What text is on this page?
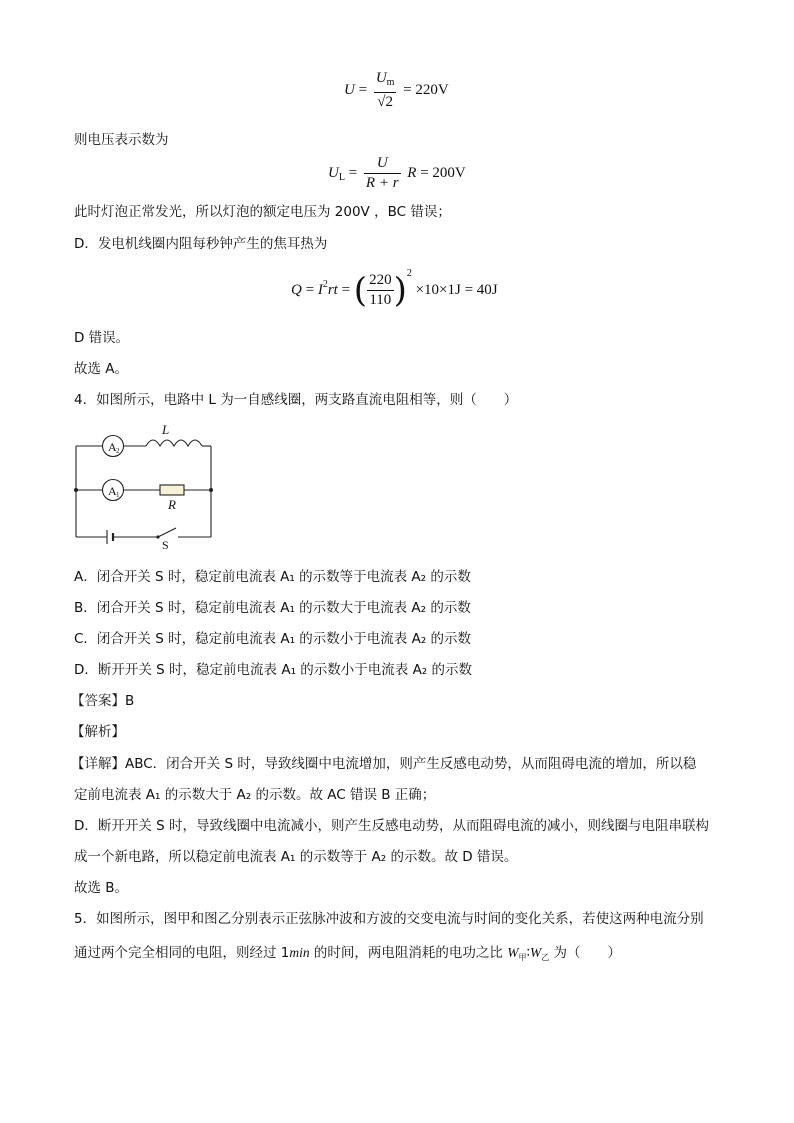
$U = \frac{U_m}{√2} = 220V$
则电压表示数为
$U_L = \frac{U}{R + r}$ R = 200V
此时灯泡正常发光，所以灯泡的额定电压为 200V ，BC 错误；
D．发电机线圈内阻每秒钟产生的焦耳热为
$Q = I^2rt$ = ( $\frac{220}{110} )^2 \times 10\times 1J = 40J$
D 错误。
故选 A。
4．如图所示，电路中 L 为一自感线圈，两支路直流电阻相等，则（　　）
A 2
A 1
L
R
S
A．闭合开关 S 时，稳定前电流表 A₁ 的示数等于电流表 A₂ 的示数
B．闭合开关 S 时，稳定前电流表 A₁ 的示数大于电流表 A₂ 的示数
C．闭合开关 S 时，稳定前电流表 A₁ 的示数小于电流表 A₂ 的示数
D．断开开关 S 时，稳定前电流表 A₁ 的示数小于电流表 A₂ 的示数
【答案】B
【解析】
【详解】ABC．闭合开关 S 时，导致线圈中电流增加，则产生反感电动势，从而阻碍电流的增加，所以稳
定前电流表 A₁ 的示数大于 A₂ 的示数。故 AC 错误 B 正确；
D．断开开关 S 时，导致线圈中电流减小，则产生反感电动势，从而阻碍电流的减小，则线圈与电阻串联构
成一个新电路，所以稳定前电流表 A₁ 的示数等于 A₂ 的示数。故 D 错误。
故选 B。
5．如图所示，图甲和图乙分别表示正弦脉冲波和方波的交变电流与时间的变化关系，若使这两种电流分别
通过两个完全相同的电阻，则经过 1min 的时间，两电阻消耗的电功之比 $W_甲∶W_乙$ 为（　　）
